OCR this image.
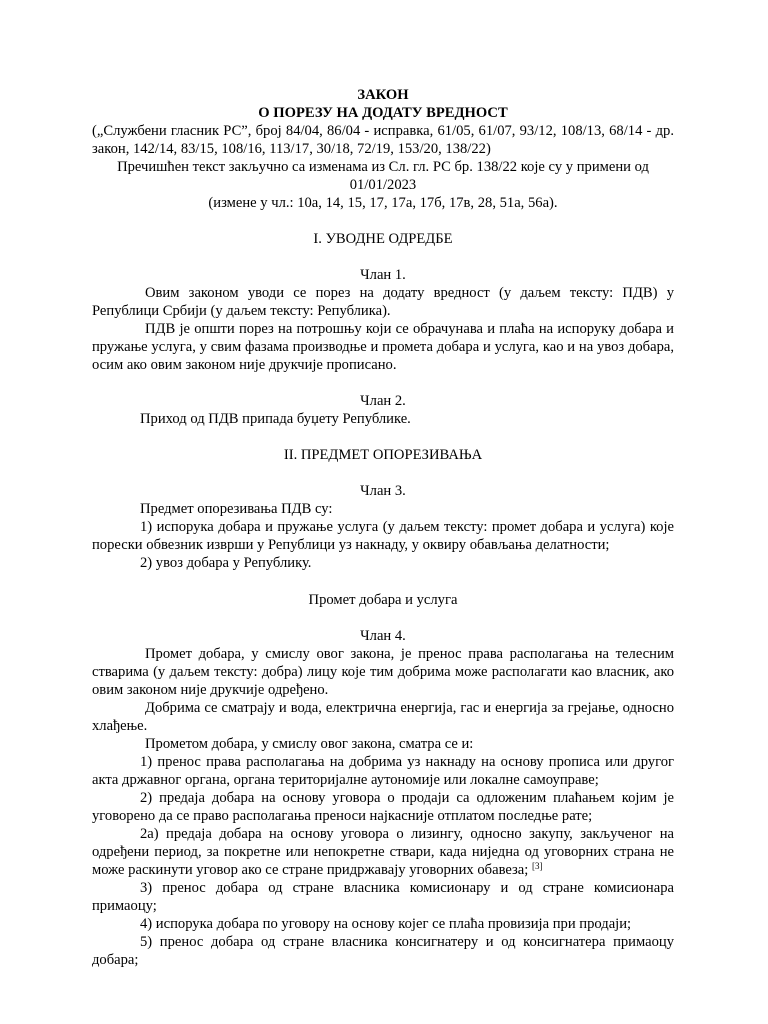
ЗАКОН

О ПОРЕЗУ НА ДОДАТУ ВРЕДНОСТ

(„Службени гласник РС”, број 84/04, 86/04 - исправка, 61/05, 61/07, 93/12, 108/13, 68/14 - др. закон, 142/14, 83/15, 108/16, 113/17, 30/18, 72/19, 153/20, 138/22)

Пречишћен текст закључно са изменама из Сл. гл. РС бр. 138/22 које су у примени од

01/01/2023

(измене у чл.: 10а, 14, 15, 17, 17а, 17б, 17в, 28, 51а, 56а).

I. УВОДНЕ ОДРЕДБЕ

Члан 1.

Овим законом уводи се порез на додату вредност (у даљем тексту: ПДВ) у Републици Србији (у даљем тексту: Република).

ПДВ је општи порез на потрошњу који се обрачунава и плаћа на испоруку добара и пружање услуга, у свим фазама производње и промета добара и услуга, као и на увоз добара, осим ако овим законом није друкчије прописано.

Члан 2.

Приход од ПДВ припада буџету Републике.

II. ПРЕДМЕТ ОПОРЕЗИВАЊА

Члан 3.

Предмет опорезивања ПДВ су:

1) испорука добара и пружање услуга (у даљем тексту: промет добара и услуга) које порески обвезник изврши у Републици уз накнаду, у оквиру обављања делатности;

2) увоз добара у Републику.

Промет добара и услуга

Члан 4.

Промет добара, у смислу овог закона, је пренос права располагања на телесним стварима (у даљем тексту: добра) лицу које тим добрима може располагати као власник, ако овим законом није друкчије одређено.

Добрима се сматрају и вода, електрична енергија, гас и енергија за грејање, односно хлађење.

Прометом добара, у смислу овог закона, сматра се и:

1) пренос права располагања на добрима уз накнаду на основу прописа или другог акта државног органа, органа територијалне аутономије или локалне самоуправе;

2) предаја добара на основу уговора о продаји са одложеним плаћањем којим је уговорено да се право располагања преноси најкасније отплатом последње рате;

2а) предаја добара на основу уговора о лизингу, односно закупу, закљученог на одређени период, за покретне или непокретне ствари, када ниједна од уговорних страна не може раскинути уговор ако се стране придржавају уговорних обавеза; [3]

3) пренос добара од стране власника комисионару и од стране комисионара примаоцу;

4) испорука добара по уговору на основу којег се плаћа провизија при продаји;

5) пренос добара од стране власника консигнатеру и од консигнатера примаоцу добара;
